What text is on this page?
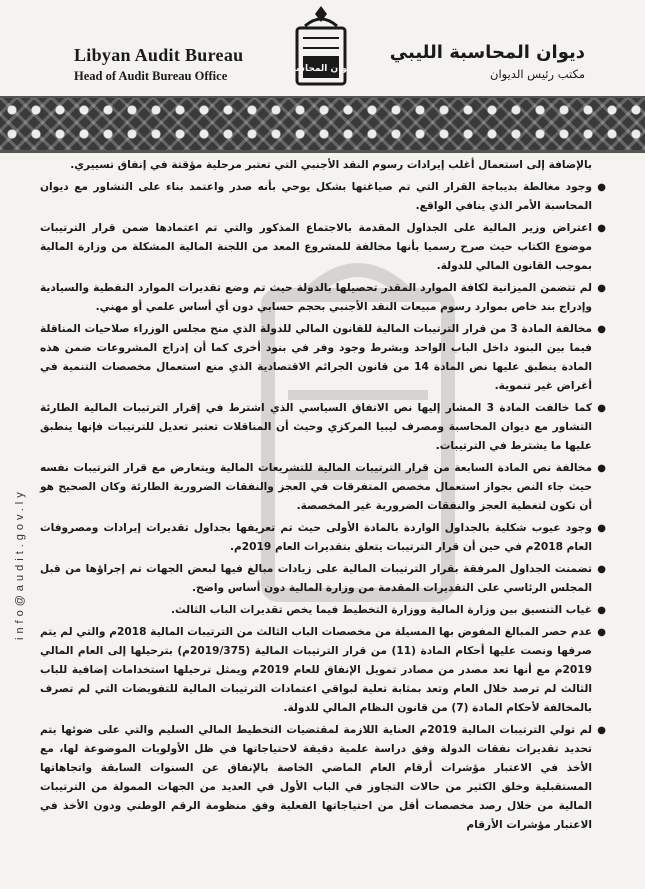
Libyan Audit Bureau
Head of Audit Bureau Office	ديوان المحاسبة
ديوان المحاسبة الليبي
مكتب رئيس الديوان
info@audit.gov.ly

بالإضافة إلى استعمال أغلب إيرادات رسوم النقد الأجنبي التي تعتبر مرحلية مؤقتة في إنفاق تسييري.

●
وجود مغالطة بديباجة القرار التي تم صياغتها بشكل يوحي بأنه صدر واعتمد بناء على التشاور مع ديوان المحاسبة الأمر الذي ينافي الواقع.
●
اعتراض وزير المالية على الجداول المقدمة بالاجتماع المذكور والتي تم اعتمادها ضمن قرار الترتيبات موضوع الكتاب حيث صرح رسميا بأنها مخالفة للمشروع المعد من اللجنة المالية المشكلة من وزارة المالية بموجب القانون المالي للدولة.
●
لم تتضمن الميزانية لكافة الموارد المقدر تحصيلها بالدولة حيث تم وضع تقديرات الموارد النفطية والسيادية وإدراج بند خاص بموارد رسوم مبيعات النقد الأجنبي بحجم حسابي دون أي أساس علمي أو مهني.
●
مخالفة المادة 3 من قرار الترتيبات المالية للقانون المالي للدولة الذي منح مجلس الوزراء صلاحيات المناقلة فيما بين البنود داخل الباب الواحد وبشرط وجود وفر في بنود أخرى كما أن إدراج المشروعات ضمن هذه المادة ينطبق عليها نص المادة 14 من قانون الجرائم الاقتصادية الذي منع استعمال مخصصات التنمية في أغراض غير تنموية.
●
كما خالفت المادة 3 المشار إليها نص الاتفاق السياسي الذي اشترط في إقرار الترتيبات المالية الطارئة التشاور مع ديوان المحاسبة ومصرف ليبيا المركزي وحيث أن المناقلات تعتبر تعديل للترتيبات فإنها ينطبق عليها ما يشترط في الترتيبات.
●
مخالفة نص المادة السابعة من قرار الترتيبات المالية للتشريعات المالية ويتعارض مع قرار الترتيبات نفسه حيث جاء النص بجواز استعمال مخصص المتفرقات في العجز والنفقات الضرورية الطارئة وكان الصحيح هو أن تكون لتغطية العجز والنفقات الضرورية غير المخصصة.
●
وجود عيوب شكلية بالجداول الواردة بالمادة الأولى حيث تم تعريفها بجداول تقديرات إيرادات ومصروفات العام 2018م في حين أن قرار الترتيبات يتعلق بتقديرات العام 2019م.
●
تضمنت الجداول المرفقة بقرار الترتيبات المالية على زيادات مبالغ فيها لبعض الجهات تم إجراؤها من قبل المجلس الرئاسي على التقديرات المقدمة من وزارة المالية دون أساس واضح.
●
غياب التنسيق بين وزارة المالية ووزارة التخطيط فيما يخص تقديرات الباب الثالث.
●
عدم حصر المبالغ المفوض بها المسيلة من مخصصات الباب الثالث من الترتيبات المالية 2018م والتي لم يتم صرفها ونصت عليها أحكام المادة (11) من قرار الترتيبات المالية (2019/375م) بترحيلها إلى العام المالي 2019م مع أنها تعد مصدر من مصادر تمويل الإنفاق للعام 2019م ويمثل ترحيلها استخدامات إضافية للباب الثالث لم ترصد خلال العام وتعد بمثابة تعلية لبواقي اعتمادات الترتيبات المالية للتفويضات التي لم تصرف بالمخالفة لأحكام المادة (7) من قانون النظام المالي للدولة.
●
لم تولي الترتيبات المالية 2019م العناية اللازمة لمقتضيات التخطيط المالي السليم والتي على ضوئها يتم تحديد تقديرات نفقات الدولة وفق دراسة علمية دقيقة لاحتياجاتها في ظل الأولويات الموضوعة لها، مع الأخذ في الاعتبار مؤشرات أرقام العام الماضي الخاصة بالإنفاق عن السنوات السابقة واتجاهاتها المستقبلية وخلق الكثير من حالات التجاوز في الباب الأول في العديد من الجهات الممولة من الترتيبات المالية من خلال رصد مخصصات أقل من احتياجاتها الفعلية وفق منظومة الرقم الوطني ودون الأخذ في الاعتبار مؤشرات الأرقام
